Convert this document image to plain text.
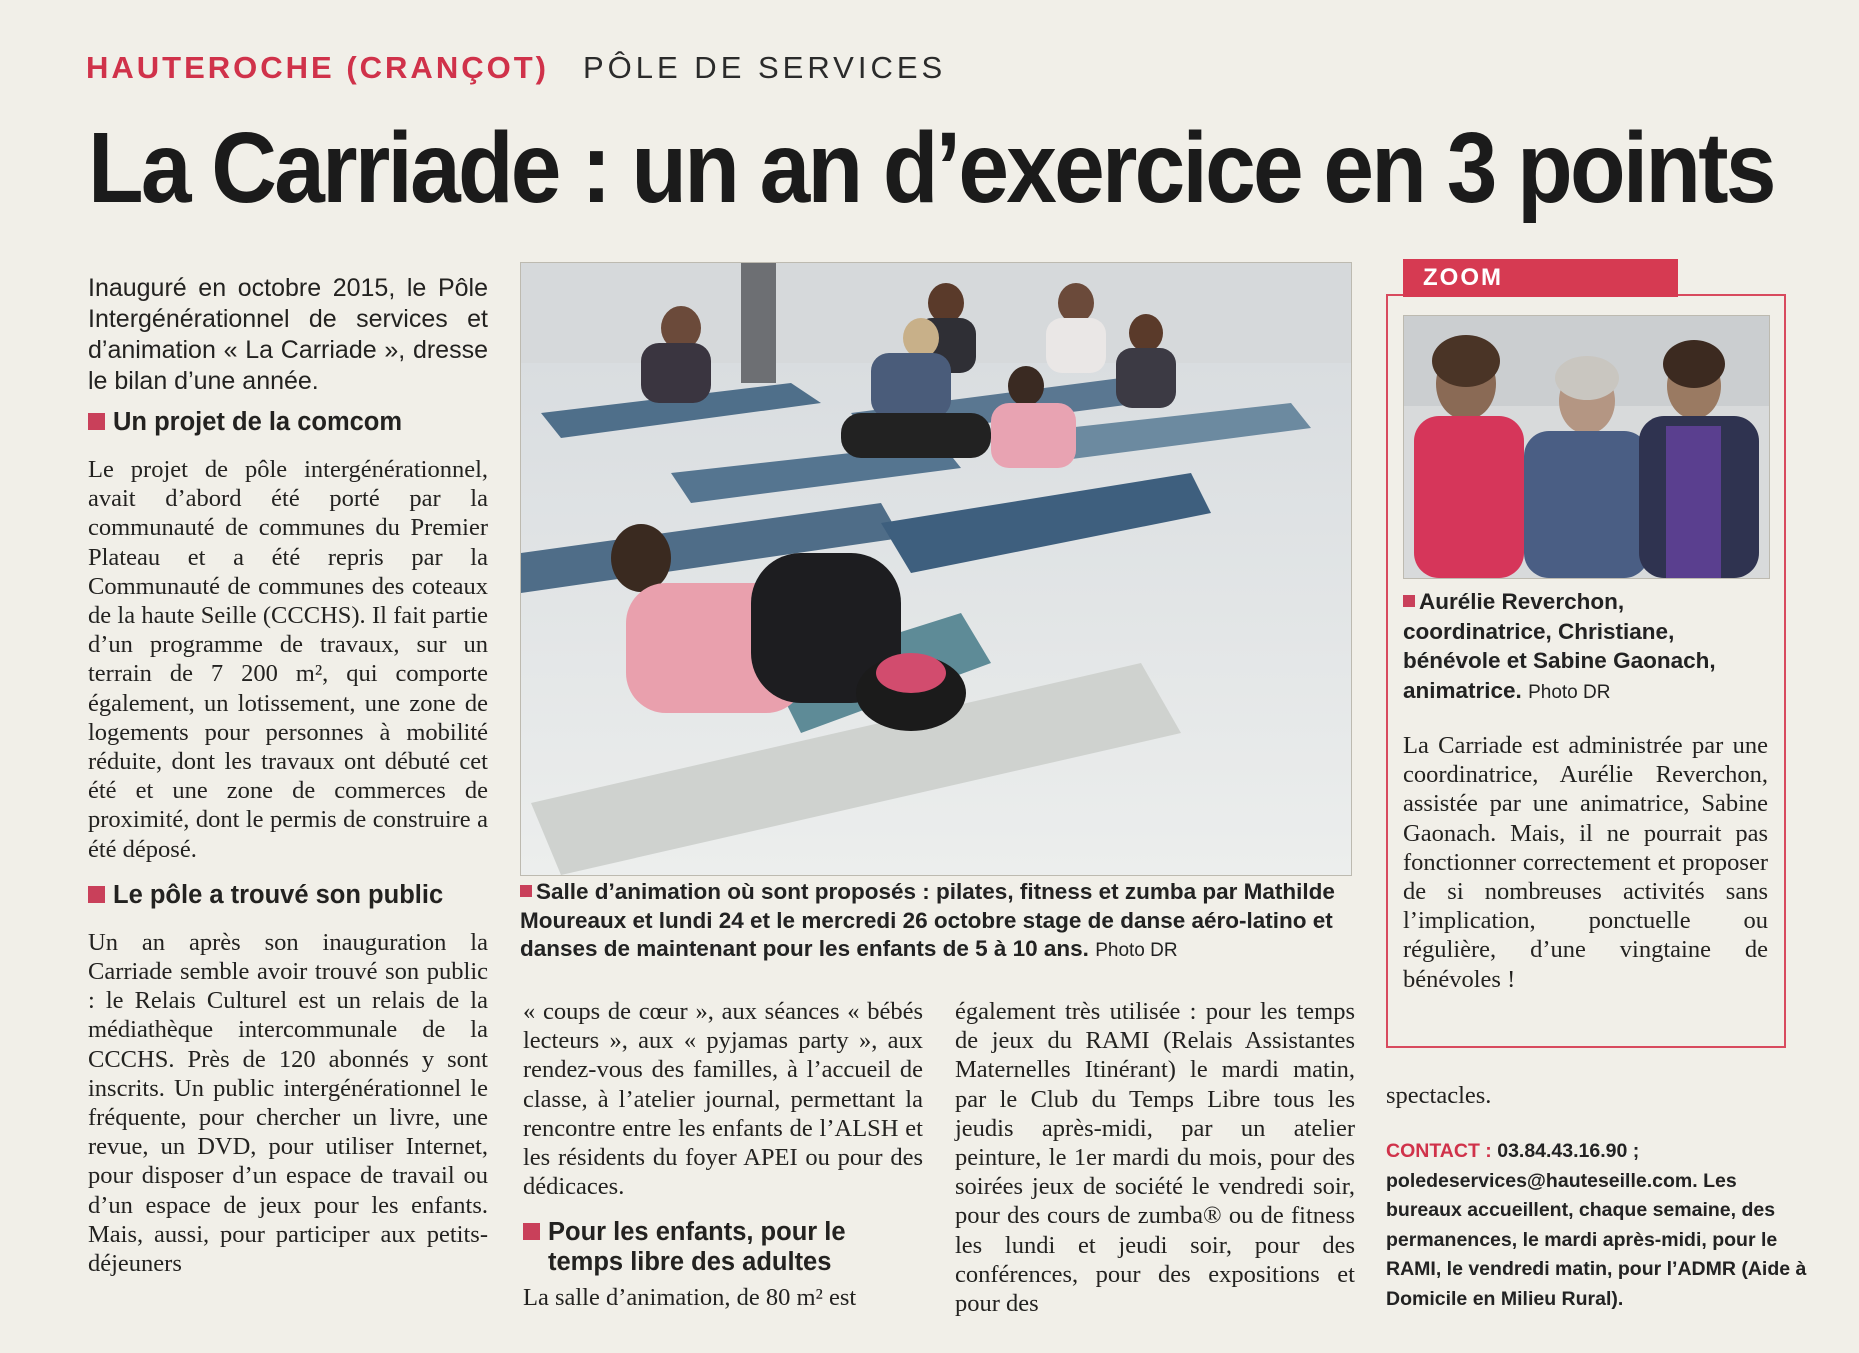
HAUTEROCHE (CRANÇOT) PÔLE DE SERVICES
La Carriade : un an d’exercice en 3 points

Inauguré en octobre 2015, le Pôle Intergénérationnel de services et d’animation « La Carriade », dresse le bilan d’une année.

Un projet de la comcom

Le projet de pôle intergénérationnel, avait d’abord été porté par la communauté de communes du Premier Plateau et a été repris par la Communauté de communes des coteaux de la haute Seille (CCCHS). Il fait partie d’un programme de travaux, sur un terrain de 7 200 m², qui comporte également, un lotissement, une zone de logements pour personnes à mobilité réduite, dont les travaux ont débuté cet été et une zone de commerces de proximité, dont le permis de construire a été déposé.

Le pôle a trouvé son public

Un an après son inauguration la Carriade semble avoir trouvé son public : le Relais Culturel est un relais de la médiathèque intercommunale de la CCCHS. Près de 120 abonnés y sont inscrits. Un public intergénérationnel le fréquente, pour chercher un livre, une revue, un DVD, pour utiliser Internet, pour disposer d’un espace de travail ou d’un espace de jeux pour les enfants. Mais, aussi, pour participer aux petits-déjeuners

Salle d’animation où sont proposés : pilates, fitness et zumba par Mathilde Moureaux et lundi 24 et le mercredi 26 octobre stage de danse aéro-latino et danses de maintenant pour les enfants de 5 à 10 ans. Photo DR

« coups de cœur », aux séances « bébés lecteurs », aux « pyjamas party », aux rendez-vous des familles, à l’accueil de classe, à l’atelier journal, permettant la rencontre entre les enfants de l’ALSH et les résidents du foyer APEI ou pour des dédicaces.

Pour les enfants, pour le temps libre des adultes

La salle d’animation, de 80 m² est

également très utilisée : pour les temps de jeux du RAMI (Relais Assistantes Maternelles Itinérant) le mardi matin, par le Club du Temps Libre tous les jeudis après-midi, par un atelier peinture, le 1er mardi du mois, pour des soirées jeux de société le vendredi soir, pour des cours de zumba® ou de fitness les lundi et jeudi soir, pour des conférences, pour des expositions et pour des

ZOOM
Aurélie Reverchon, coordinatrice, Christiane, bénévole et Sabine Gaonach, animatrice. Photo DR
La Carriade est administrée par une coordinatrice, Aurélie Reverchon, assistée par une animatrice, Sabine Gaonach. Mais, il ne pourrait pas fonctionner correctement et proposer de si nombreuses activités sans l’implication, ponctuelle ou régulière, d’une vingtaine de bénévoles !
spectacles.
CONTACT : 03.84.43.16.90 ; poledeservices@hauteseille.com. Les bureaux accueillent, chaque semaine, des permanences, le mardi après-midi, pour le RAMI, le vendredi matin, pour l’ADMR (Aide à Domicile en Milieu Rural).
